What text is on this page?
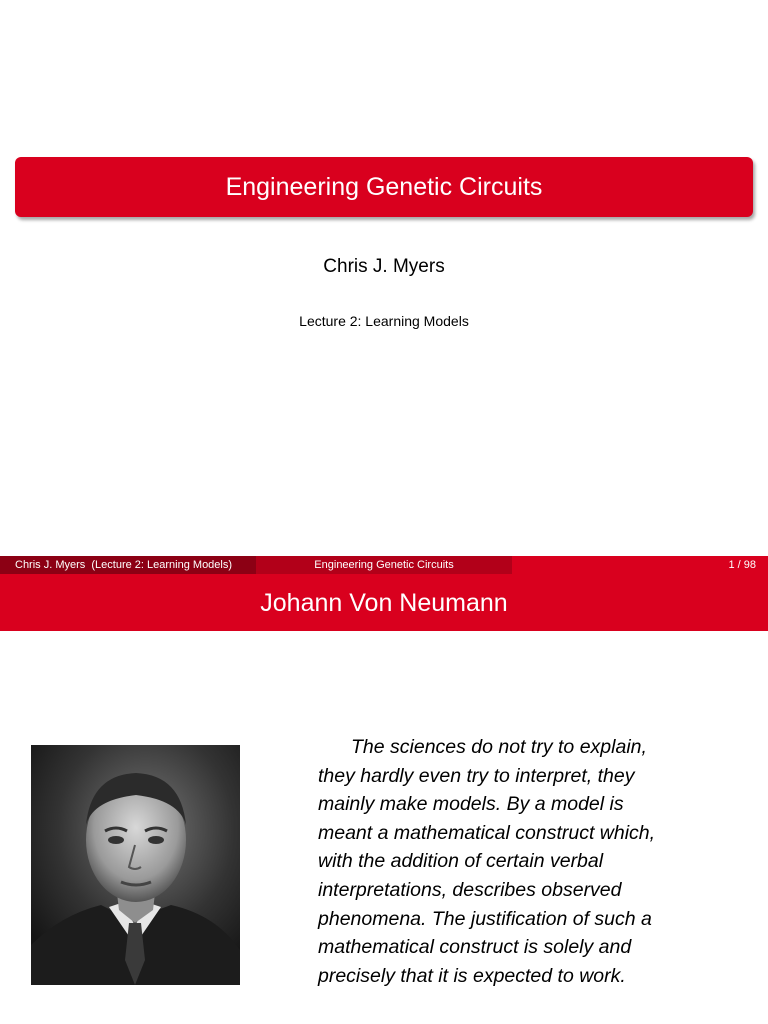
Engineering Genetic Circuits
Chris J. Myers
Lecture 2: Learning Models
Chris J. Myers  (Lecture 2: Learning Models)	Engineering Genetic Circuits	1 / 98
Johann Von Neumann

The sciences do not try to explain,
they hardly even try to interpret, they
mainly make models. By a model is
meant a mathematical construct which,
with the addition of certain verbal
interpretations, describes observed
phenomena. The justification of such a
mathematical construct is solely and
precisely that it is expected to work.
